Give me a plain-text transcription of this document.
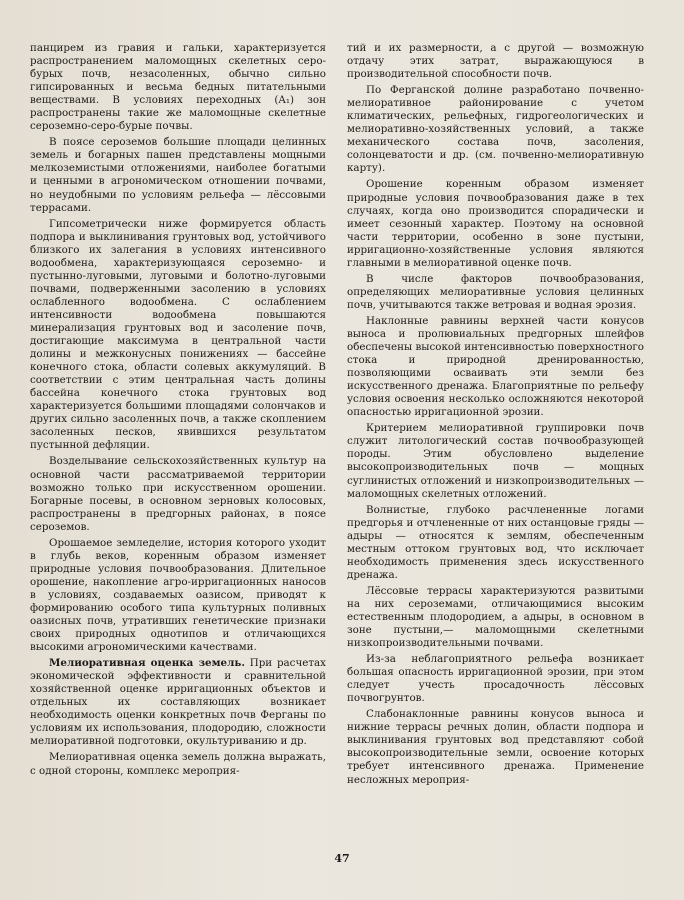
панцирем из гравия и гальки, характеризуется распространением маломощных скелетных серо-бурых почв, незасоленных, обычно сильно гипсированных и весьма бедных питательными веществами. В условиях переходных (A₁) зон распространены такие же маломощные скелетные сероземно-серо-бурые почвы.

В поясе сероземов большие площади целинных земель и богарных пашен представлены мощными мелкоземистыми отложениями, наиболее богатыми и ценными в агрономическом отношении почвами, но неудобными по условиям рельефа — лёссовыми террасами.

Гипсометрически ниже формируется область подпора и выклинивания грунтовых вод, устойчивого близкого их залегания в условиях интенсивного водообмена, характеризующаяся сероземно- и пустынно-луговыми, луговыми и болотно-луговыми почвами, подверженными засолению в условиях ослабленного водообмена. С ослаблением интенсивности водообмена повышаются минерализация грунтовых вод и засоление почв, достигающие максимума в центральной части долины и межконусных понижениях — бассейне конечного стока, области солевых аккумуляций. В соответствии с этим центральная часть долины бассейна конечного стока грунтовых вод характеризуется большими площадями солончаков и других сильно засоленных почв, а также скоплением засоленных песков, явившихся результатом пустынной дефляции.

Возделывание сельскохозяйственных культур на основной части рассматриваемой территории возможно только при искусственном орошении. Богарные посевы, в основном зерновых колосовых, распространены в предгорных районах, в поясе сероземов.

Орошаемое земледелие, история которого уходит в глубь веков, коренным образом изменяет природные условия почвообразования. Длительное орошение, накопление агро-ирригационных наносов в условиях, создаваемых оазисом, приводят к формированию особого типа культурных поливных оазисных почв, утративших генетические признаки своих природных однотипов и отличающихся высокими агрономическими качествами.

Мелиоративная оценка земель. При расчетах экономической эффективности и сравнительной хозяйственной оценке ирригационных объектов и отдельных их составляющих возникает необходимость оценки конкретных почв Ферганы по условиям их использования, плодородию, сложности мелиоративной подготовки, окультуриванию и др.

Мелиоративная оценка земель должна выражать, с одной стороны, комплекс мероприя-

тий и их размерности, а с другой — возможную отдачу этих затрат, выражающуюся в производительной способности почв.

По Ферганской долине разработано почвенно-мелиоративное районирование с учетом климатических, рельефных, гидрогеологических и мелиоративно-хозяйственных условий, а также механического состава почв, засоления, солонцеватости и др. (см. почвенно-мелиоративную карту).

Орошение коренным образом изменяет природные условия почвообразования даже в тех случаях, когда оно производится спорадически и имеет сезонный характер. Поэтому на основной части территории, особенно в зоне пустыни, ирригационно-хозяйственные условия являются главными в мелиоративной оценке почв.

В числе факторов почвообразования, определяющих мелиоративные условия целинных почв, учитываются также ветровая и водная эрозия.

Наклонные равнины верхней части конусов выноса и пролювиальных предгорных шлейфов обеспечены высокой интенсивностью поверхностного стока и природной дренированностью, позволяющими осваивать эти земли без искусственного дренажа. Благоприятные по рельефу условия освоения несколько осложняются некоторой опасностью ирригационной эрозии.

Критерием мелиоративной группировки почв служит литологический состав почвообразующей породы. Этим обусловлено выделение высокопроизводительных почв — мощных суглинистых отложений и низкопроизводительных — маломощных скелетных отложений.

Волнистые, глубоко расчлененные логами предгорья и отчлененные от них останцовые гряды — адыры — относятся к землям, обеспеченным местным оттоком грунтовых вод, что исключает необходимость применения здесь искусственного дренажа.

Лёссовые террасы характеризуются развитыми на них сероземами, отличающимися высоким естественным плодородием, а адыры, в основном в зоне пустыни,— маломощными скелетными низкопроизводительными почвами.

Из-за неблагоприятного рельефа возникает большая опасность ирригационной эрозии, при этом следует учесть просадочность лёссовых почвогрунтов.

Слабонаклонные равнины конусов выноса и нижние террасы речных долин, области подпора и выклинивания грунтовых вод представляют собой высокопроизводительные земли, освоение которых требует интенсивного дренажа. Применение несложных мероприя-

47
